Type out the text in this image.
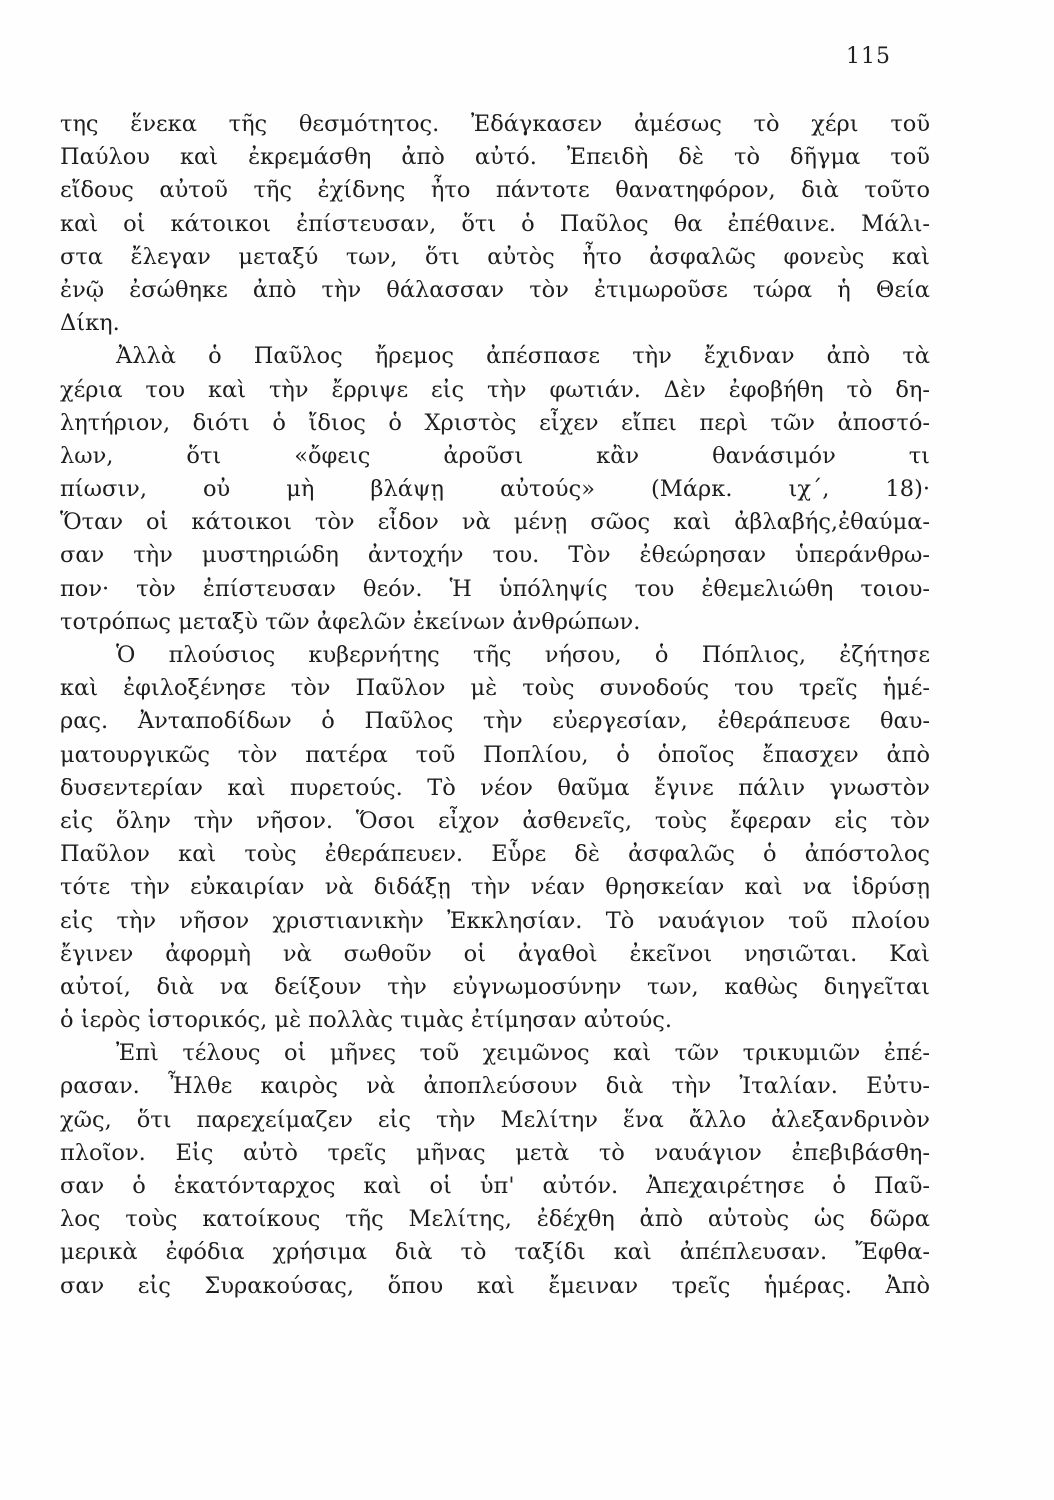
115
της ἕνεκα τῆς θεσμότητος. Ἐδάγκασεν ἀμέσως τὸ χέρι τοῦ
Παύλου καὶ ἐκρεμάσθη ἀπὸ αὐτό. Ἐπειδὴ δὲ τὸ δῆγμα τοῦ
εἴδους αὐτοῦ τῆς ἐχίδνης ἦτο πάντοτε θανατηφόρον, διὰ τοῦτο
καὶ οἱ κάτοικοι ἐπίστευσαν, ὅτι ὁ Παῦλος θα ἐπέθαινε. Μάλι-
στα ἔλεγαν μεταξύ των, ὅτι αὐτὸς ἦτο ἀσφαλῶς φονεὺς καὶ
ἐνῷ ἐσώθηκε ἀπὸ τὴν θάλασσαν τὸν ἐτιμωροῦσε τώρα ἡ Θεία
Δίκη.
Ἀλλὰ ὁ Παῦλος ἤρεμος ἀπέσπασε τὴν ἔχιδναν ἀπὸ τὰ
χέρια του καὶ τὴν ἔρριψε εἰς τὴν φωτιάν. Δὲν ἐφοβήθη τὸ δη-
λητήριον, διότι ὁ ἴδιος ὁ Χριστὸς εἶχεν εἴπει περὶ τῶν ἀποστό-
λων, ὅτι «ὄφεις ἀροῦσι κἂν θανάσιμόν τι
πίωσιν, οὐ μὴ βλάψῃ αὐτούς» (Μάρκ. ιχ΄, 18)·
Ὅταν οἱ κάτοικοι τὸν εἶδον νὰ μένῃ σῶος καὶ ἀβλαβής,ἐθαύμα-
σαν τὴν μυστηριώδη ἀντοχήν του. Τὸν ἐθεώρησαν ὑπεράνθρω-
πον· τὸν ἐπίστευσαν θεόν. Ἡ ὑπόληψίς του ἐθεμελιώθη τοιου-
τοτρόπως μεταξὺ τῶν ἀφελῶν ἐκείνων ἀνθρώπων.
Ὁ πλούσιος κυβερνήτης τῆς νήσου, ὁ Πόπλιος, ἐζήτησε
καὶ ἐφιλοξένησε τὸν Παῦλον μὲ τοὺς συνοδούς του τρεῖς ἡμέ-
ρας. Ἀνταποδίδων ὁ Παῦλος τὴν εὐεργεσίαν, ἐθεράπευσε θαυ-
ματουργικῶς τὸν πατέρα τοῦ Ποπλίου, ὁ ὁποῖος ἔπασχεν ἀπὸ
δυσεντερίαν καὶ πυρετούς. Τὸ νέον θαῦμα ἔγινε πάλιν γνωστὸν
εἰς ὅλην τὴν νῆσον. Ὅσοι εἶχον ἀσθενεῖς, τοὺς ἔφεραν εἰς τὸν
Παῦλον καὶ τοὺς ἐθεράπευεν. Εὗρε δὲ ἀσφαλῶς ὁ ἀπόστολος
τότε τὴν εὐκαιρίαν νὰ διδάξῃ τὴν νέαν θρησκείαν καὶ να ἱδρύσῃ
εἰς τὴν νῆσον χριστιανικὴν Ἐκκλησίαν. Τὸ ναυάγιον τοῦ πλοίου
ἔγινεν ἀφορμὴ νὰ σωθοῦν οἱ ἀγαθοὶ ἐκεῖνοι νησιῶται. Καὶ
αὐτοί, διὰ να δείξουν τὴν εὐγνωμοσύνην των, καθὼς διηγεῖται
ὁ ἱερὸς ἱστορικός, μὲ πολλὰς τιμὰς ἐτίμησαν αὐτούς.
Ἐπὶ τέλους οἱ μῆνες τοῦ χειμῶνος καὶ τῶν τρικυμιῶν ἐπέ-
ρασαν. Ἦλθε καιρὸς νὰ ἀποπλεύσουν διὰ τὴν Ἰταλίαν. Εὐτυ-
χῶς, ὅτι παρεχείμαζεν εἰς τὴν Μελίτην ἕνα ἄλλο ἀλεξανδρινὸν
πλοῖον. Εἰς αὐτὸ τρεῖς μῆνας μετὰ τὸ ναυάγιον ἐπεβιβάσθη-
σαν ὁ ἑκατόνταρχος καὶ οἱ ὑπ' αὐτόν. Ἀπεχαιρέτησε ὁ Παῦ-
λος τοὺς κατοίκους τῆς Μελίτης, ἐδέχθη ἀπὸ αὐτοὺς ὡς δῶρα
μερικὰ ἐφόδια χρήσιμα διὰ τὸ ταξίδι καὶ ἀπέπλευσαν. Ἔφθα-
σαν εἰς Συρακούσας, ὅπου καὶ ἔμειναν τρεῖς ἡμέρας. Ἀπὸ
